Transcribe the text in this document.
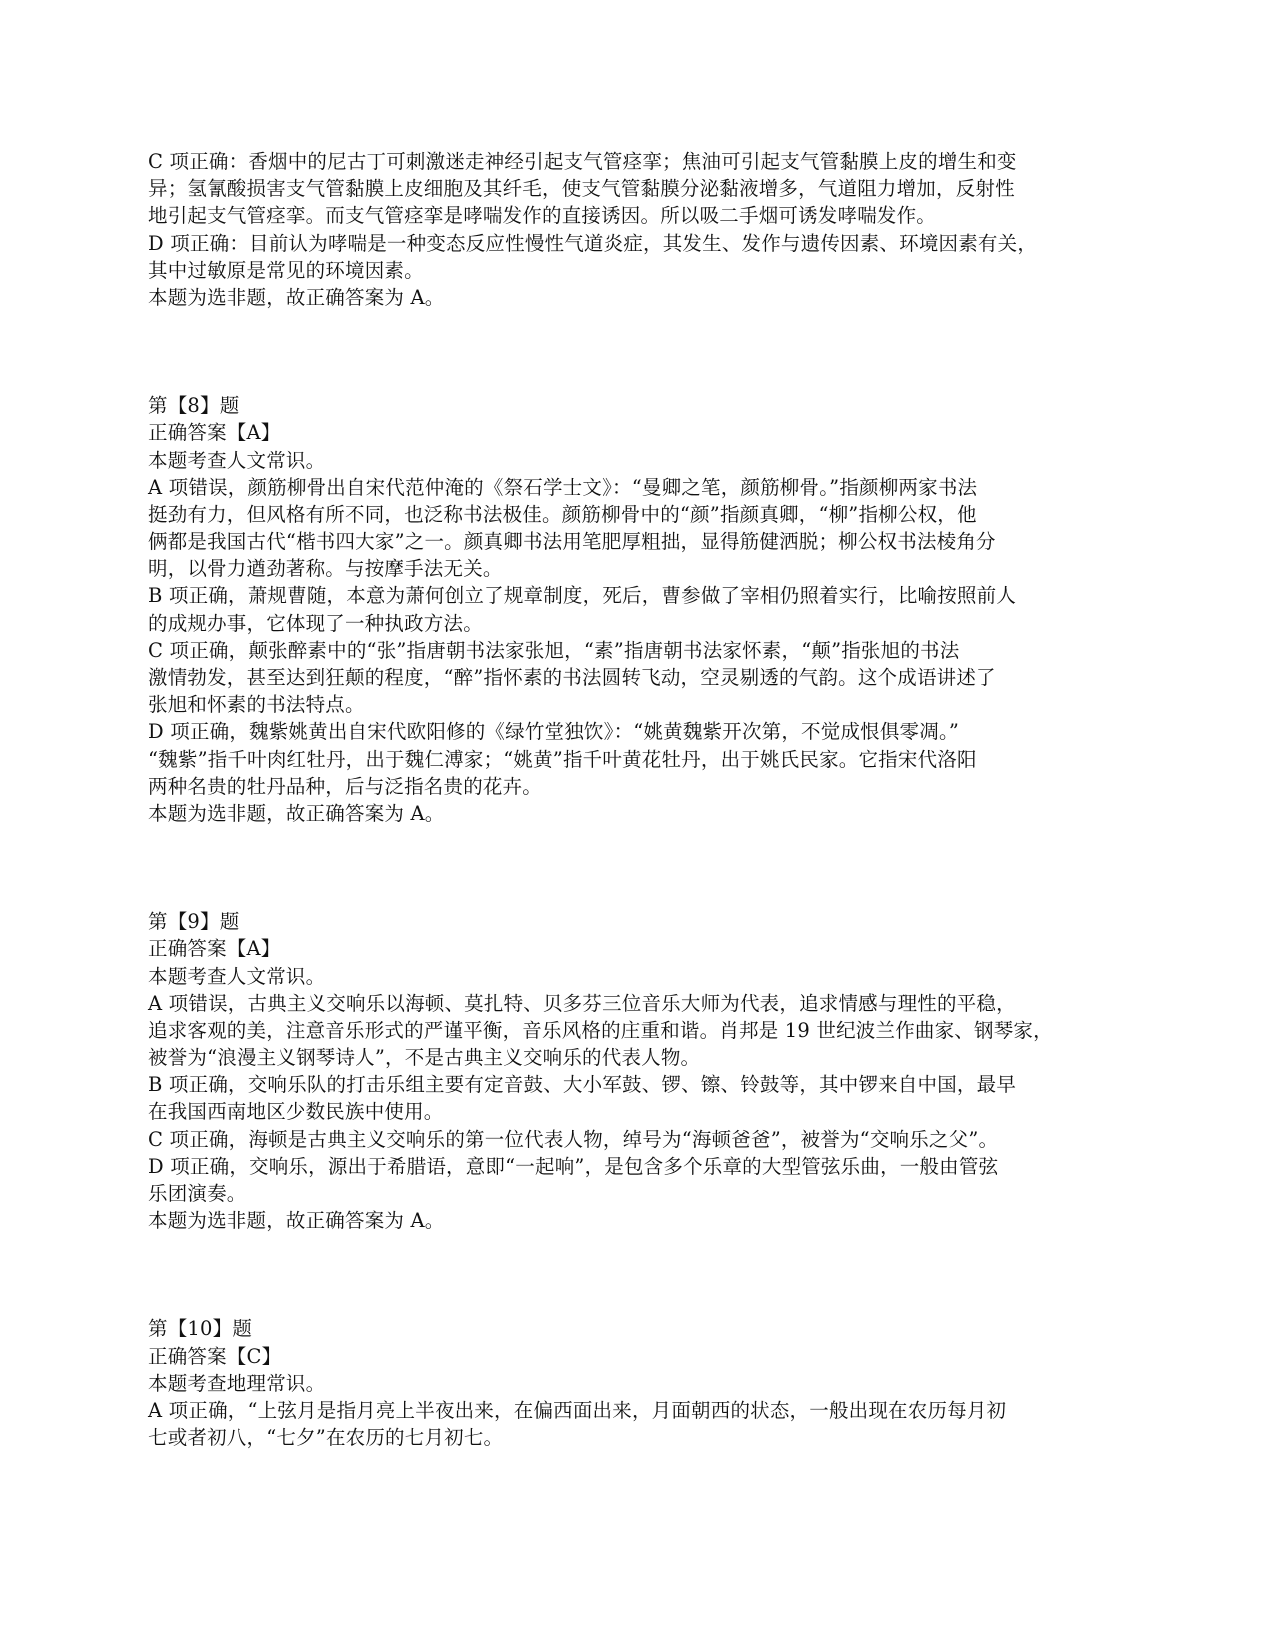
C 项正确：香烟中的尼古丁可刺激迷走神经引起支气管痉挛；焦油可引起支气管黏膜上皮的增生和变
异；氢氰酸损害支气管黏膜上皮细胞及其纤毛，使支气管黏膜分泌黏液增多，气道阻力增加，反射性
地引起支气管痉挛。而支气管痉挛是哮喘发作的直接诱因。所以吸二手烟可诱发哮喘发作。
D 项正确：目前认为哮喘是一种变态反应性慢性气道炎症，其发生、发作与遗传因素、环境因素有关，
其中过敏原是常见的环境因素。
本题为选非题，故正确答案为 A。
第【8】题
正确答案【A】
本题考查人文常识。
A 项错误，颜筋柳骨出自宋代范仲淹的《祭石学士文》：“曼卿之笔，颜筋柳骨。”指颜柳两家书法
挺劲有力，但风格有所不同，也泛称书法极佳。颜筋柳骨中的“颜”指颜真卿，“柳”指柳公权，他
俩都是我国古代“楷书四大家”之一。颜真卿书法用笔肥厚粗拙，显得筋健洒脱；柳公权书法棱角分
明，以骨力遒劲著称。与按摩手法无关。
B 项正确，萧规曹随，本意为萧何创立了规章制度，死后，曹参做了宰相仍照着实行，比喻按照前人
的成规办事，它体现了一种执政方法。
C 项正确，颠张醉素中的“张”指唐朝书法家张旭，“素”指唐朝书法家怀素，“颠”指张旭的书法
激情勃发，甚至达到狂颠的程度，“醉”指怀素的书法圆转飞动，空灵剔透的气韵。这个成语讲述了
张旭和怀素的书法特点。
D 项正确，魏紫姚黄出自宋代欧阳修的《绿竹堂独饮》：“姚黄魏紫开次第，不觉成恨俱零凋。”
“魏紫”指千叶肉红牡丹，出于魏仁溥家；“姚黄”指千叶黄花牡丹，出于姚氏民家。它指宋代洛阳
两种名贵的牡丹品种，后与泛指名贵的花卉。
本题为选非题，故正确答案为 A。
第【9】题
正确答案【A】
本题考查人文常识。
A 项错误，古典主义交响乐以海顿、莫扎特、贝多芬三位音乐大师为代表，追求情感与理性的平稳，
追求客观的美，注意音乐形式的严谨平衡，音乐风格的庄重和谐。肖邦是 19 世纪波兰作曲家、钢琴家，
被誉为“浪漫主义钢琴诗人”，不是古典主义交响乐的代表人物。
B 项正确，交响乐队的打击乐组主要有定音鼓、大小军鼓、锣、镲、铃鼓等，其中锣来自中国，最早
在我国西南地区少数民族中使用。
C 项正确，海顿是古典主义交响乐的第一位代表人物，绰号为“海顿爸爸”，被誉为“交响乐之父”。
D 项正确，交响乐，源出于希腊语，意即“一起响”，是包含多个乐章的大型管弦乐曲，一般由管弦
乐团演奏。
本题为选非题，故正确答案为 A。
第【10】题
正确答案【C】
本题考查地理常识。
A 项正确，“上弦月是指月亮上半夜出来，在偏西面出来，月面朝西的状态，一般出现在农历每月初
七或者初八，“七夕”在农历的七月初七。
